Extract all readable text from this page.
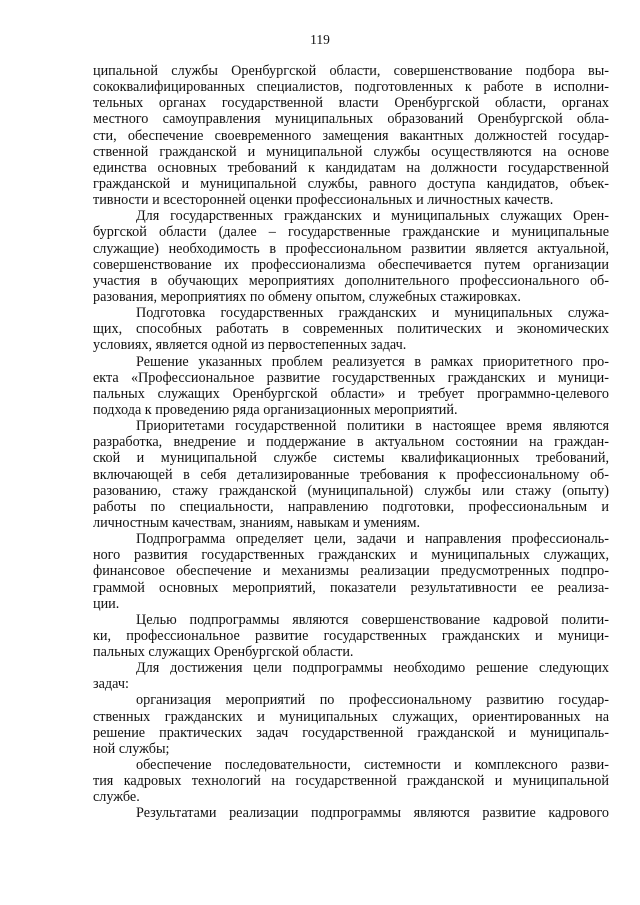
119
ципальной службы Оренбургской области, совершенствование подбора вы-
сококвалифицированных специалистов, подготовленных к работе в исполни-
тельных органах государственной власти Оренбургской области, органах
местного самоуправления муниципальных образований Оренбургской обла-
сти, обеспечение своевременного замещения вакантных должностей государ-
ственной гражданской и муниципальной службы осуществляются на основе
единства основных требований к кандидатам на должности государственной
гражданской и муниципальной службы, равного доступа кандидатов, объек-
тивности и всесторонней оценки профессиональных и личностных качеств.
Для государственных гражданских и муниципальных служащих Орен-
бургской области (далее – государственные гражданские и муниципальные
служащие) необходимость в профессиональном развитии является актуальной,
совершенствование их профессионализма обеспечивается путем организации
участия в обучающих мероприятиях дополнительного профессионального об-
разования, мероприятиях по обмену опытом, служебных стажировках.
Подготовка государственных гражданских и муниципальных служа-
щих, способных работать в современных политических и экономических
условиях, является одной из первостепенных задач.
Решение указанных проблем реализуется в рамках приоритетного про-
екта «Профессиональное развитие государственных гражданских и муници-
пальных служащих Оренбургской области» и требует программно-целевого
подхода к проведению ряда организационных мероприятий.
Приоритетами государственной политики в настоящее время являются
разработка, внедрение и поддержание в актуальном состоянии на граждан-
ской и муниципальной службе системы квалификационных требований,
включающей в себя детализированные требования к профессиональному об-
разованию, стажу гражданской (муниципальной) службы или стажу (опыту)
работы по специальности, направлению подготовки, профессиональным и
личностным качествам, знаниям, навыкам и умениям.
Подпрограмма определяет цели, задачи и направления профессиональ-
ного развития государственных гражданских и муниципальных служащих,
финансовое обеспечение и механизмы реализации предусмотренных подпро-
граммой основных мероприятий, показатели результативности ее реализа-
ции.
Целью подпрограммы являются совершенствование кадровой полити-
ки, профессиональное развитие государственных гражданских и муници-
пальных служащих Оренбургской области.
Для достижения цели подпрограммы необходимо решение следующих
задач:
организация мероприятий по профессиональному развитию государ-
ственных гражданских и муниципальных служащих, ориентированных на
решение практических задач государственной гражданской и муниципаль-
ной службы;
обеспечение последовательности, системности и комплексного разви-
тия кадровых технологий на государственной гражданской и муниципальной
службе.
Результатами реализации подпрограммы являются развитие кадрового
